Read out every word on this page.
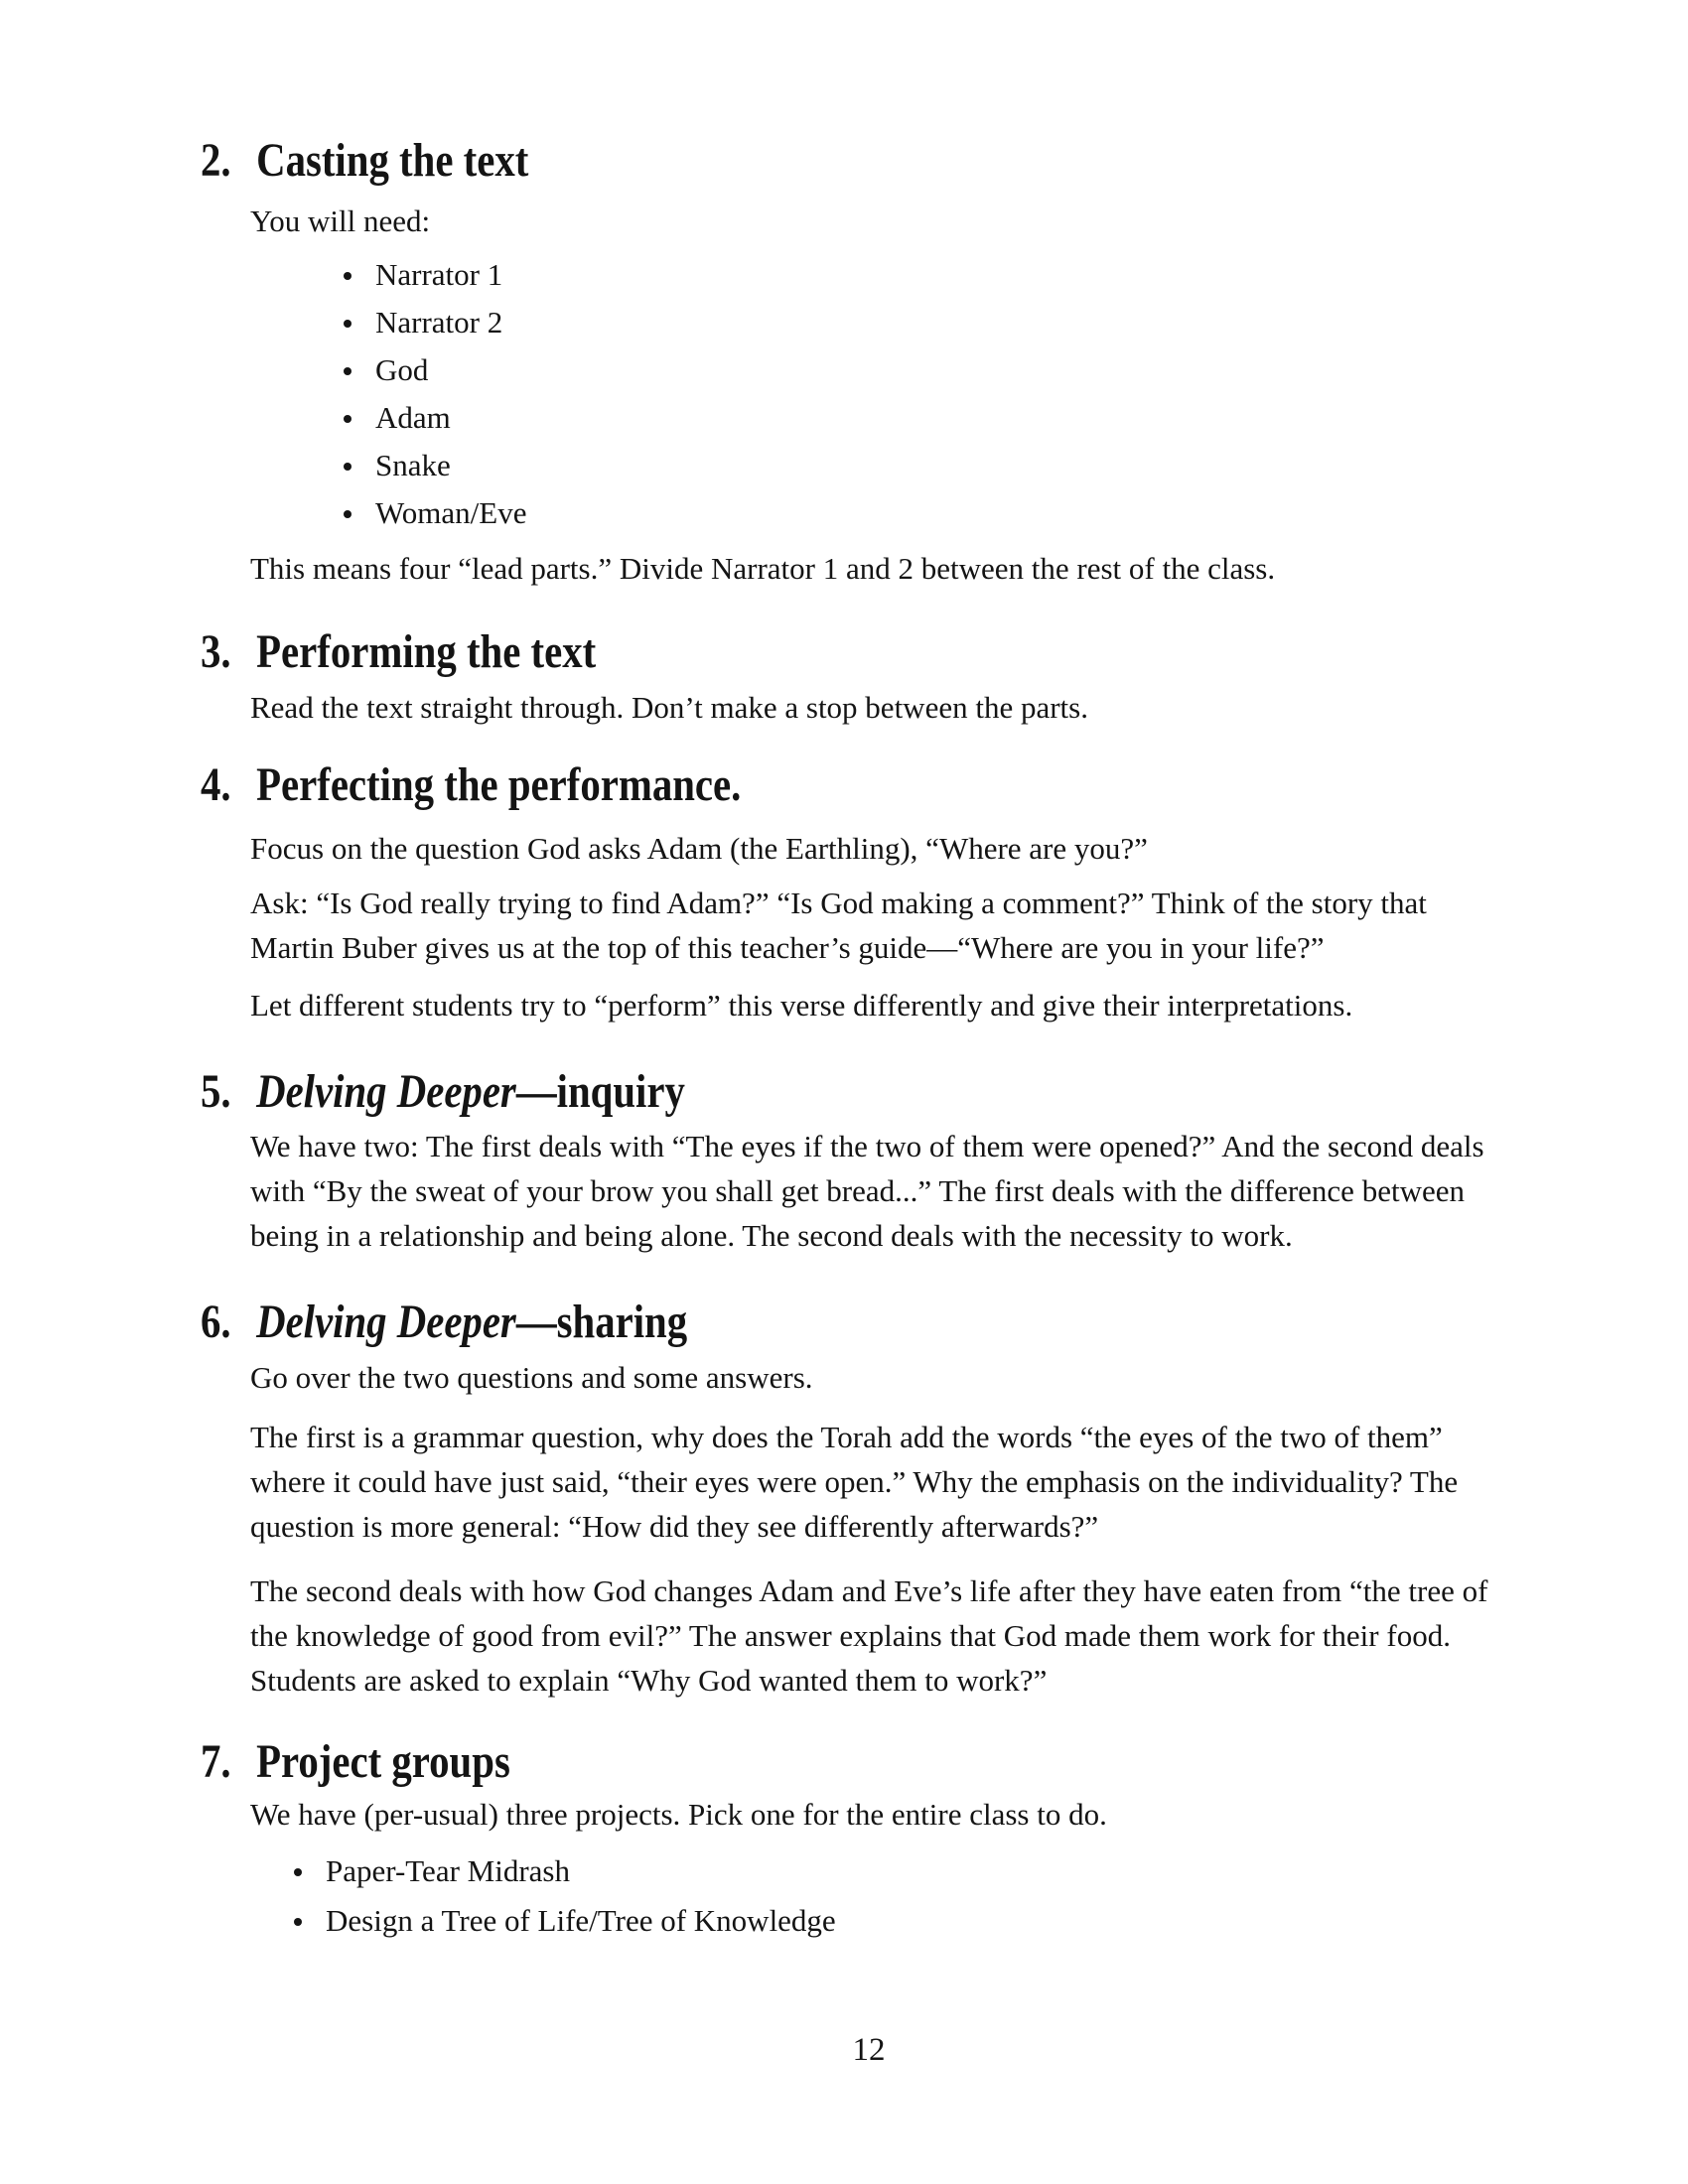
2. Casting the text

You will need:

Narrator 1
Narrator 2
God
Adam
Snake
Woman/Eve

This means four “lead parts.” Divide Narrator 1 and 2 between the rest of the class.

3. Performing the text

Read the text straight through. Don’t make a stop between the parts.

4. Perfecting the performance.

Focus on the question God asks Adam (the Earthling), “Where are you?”

Ask: “Is God really trying to find Adam?” “Is God making a comment?” Think of the story that Martin Buber gives us at the top of this teacher’s guide—“Where are you in your life?”

Let different students try to “perform” this verse differently and give their interpretations.

5. Delving Deeper—inquiry

We have two: The first deals with “The eyes if the two of them were opened?” And the second deals with “By the sweat of your brow you shall get bread...” The first deals with the difference between being in a relationship and being alone. The second deals with the necessity to work.

6. Delving Deeper—sharing

Go over the two questions and some answers.

The first is a grammar question, why does the Torah add the words “the eyes of the two of them” where it could have just said, “their eyes were open.” Why the emphasis on the individuality? The question is more general: “How did they see differently afterwards?”

The second deals with how God changes Adam and Eve’s life after they have eaten from “the tree of the knowledge of good from evil?” The answer explains that God made them work for their food. Students are asked to explain “Why God wanted them to work?”

7. Project groups

We have (per-usual) three projects. Pick one for the entire class to do.

Paper-Tear Midrash
Design a Tree of Life/Tree of Knowledge
12
